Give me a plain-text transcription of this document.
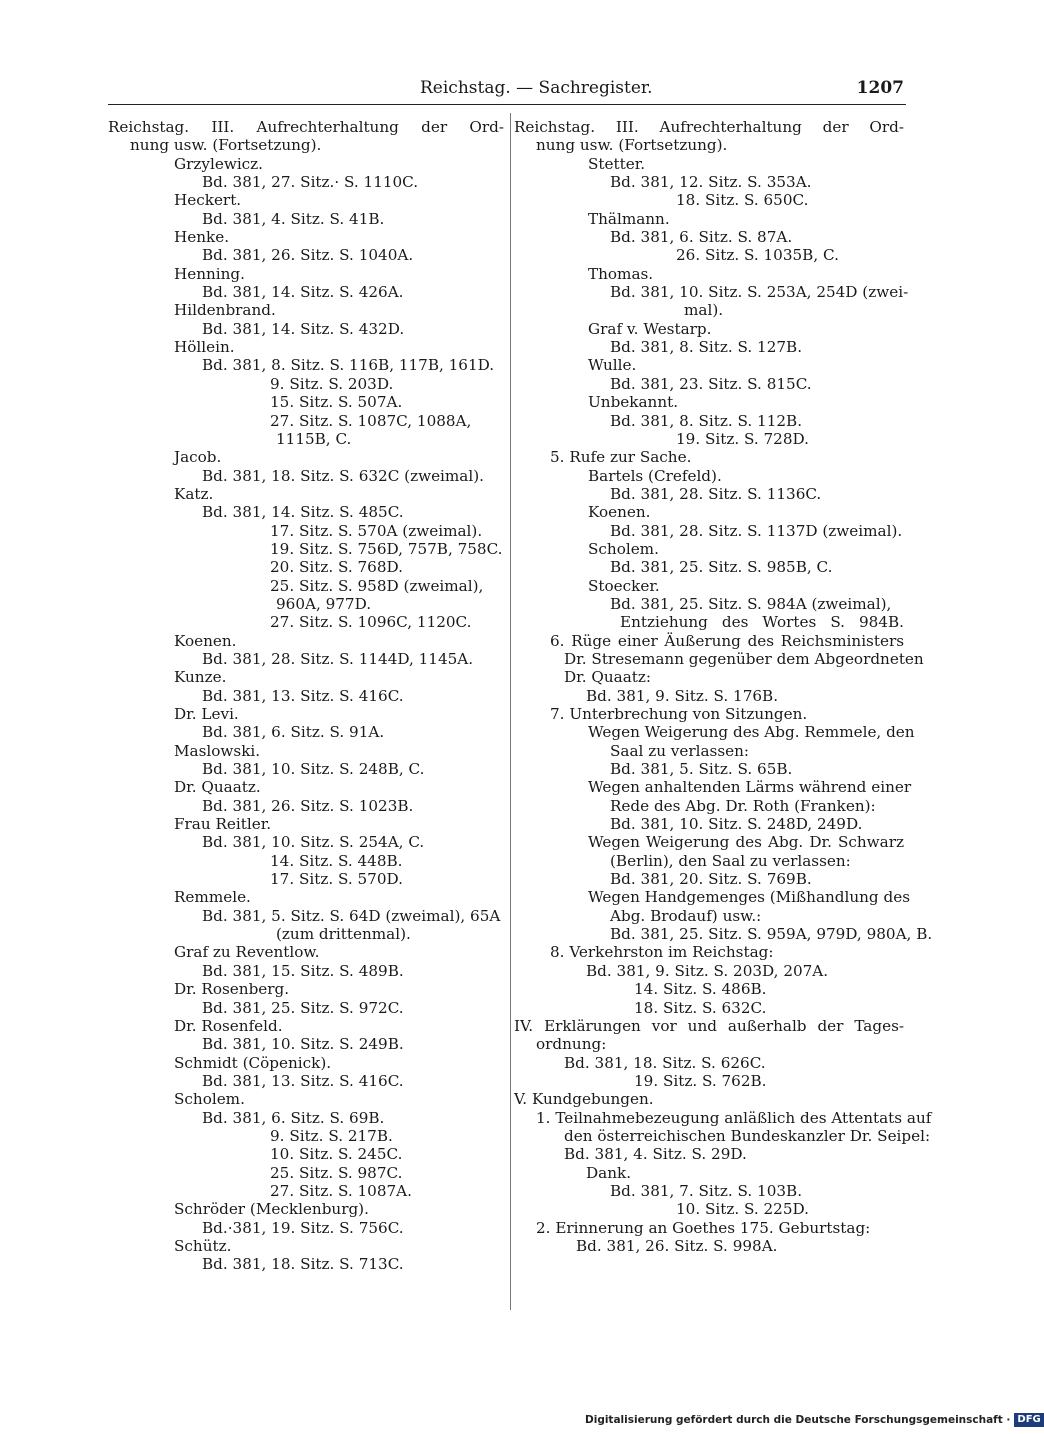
Reichstag. — Sachregister.	1207
Reichstag. III. Aufrechterhaltung der Ord-
nung usw. (Fortsetzung).
Grzylewicz.
Bd. 381, 27. Sitz.· S. 1110C.
Heckert.
Bd. 381, 4. Sitz. S. 41B.
Henke.
Bd. 381, 26. Sitz. S. 1040A.
Henning.
Bd. 381, 14. Sitz. S. 426A.
Hildenbrand.
Bd. 381, 14. Sitz. S. 432D.
Höllein.
Bd. 381, 8. Sitz. S. 116B, 117B, 161D.
9. Sitz. S. 203D.
15. Sitz. S. 507A.
27. Sitz. S. 1087C, 1088A,
1115B, C.
Jacob.
Bd. 381, 18. Sitz. S. 632C (zweimal).
Katz.
Bd. 381, 14. Sitz. S. 485C.
17. Sitz. S. 570A (zweimal).
19. Sitz. S. 756D, 757B, 758C.
20. Sitz. S. 768D.
25. Sitz. S. 958D (zweimal),
960A, 977D.
27. Sitz. S. 1096C, 1120C.
Koenen.
Bd. 381, 28. Sitz. S. 1144D, 1145A.
Kunze.
Bd. 381, 13. Sitz. S. 416C.
Dr. Levi.
Bd. 381, 6. Sitz. S. 91A.
Maslowski.
Bd. 381, 10. Sitz. S. 248B, C.
Dr. Quaatz.
Bd. 381, 26. Sitz. S. 1023B.
Frau Reitler.
Bd. 381, 10. Sitz. S. 254A, C.
14. Sitz. S. 448B.
17. Sitz. S. 570D.
Remmele.
Bd. 381, 5. Sitz. S. 64D (zweimal), 65A
(zum drittenmal).
Graf zu Reventlow.
Bd. 381, 15. Sitz. S. 489B.
Dr. Rosenberg.
Bd. 381, 25. Sitz. S. 972C.
Dr. Rosenfeld.
Bd. 381, 10. Sitz. S. 249B.
Schmidt (Cöpenick).
Bd. 381, 13. Sitz. S. 416C.
Scholem.
Bd. 381, 6. Sitz. S. 69B.
9. Sitz. S. 217B.
10. Sitz. S. 245C.
25. Sitz. S. 987C.
27. Sitz. S. 1087A.
Schröder (Mecklenburg).
Bd.·381, 19. Sitz. S. 756C.
Schütz.
Bd. 381, 18. Sitz. S. 713C.
Reichstag. III. Aufrechterhaltung der Ord-
nung usw. (Fortsetzung).
Stetter.
Bd. 381, 12. Sitz. S. 353A.
18. Sitz. S. 650C.
Thälmann.
Bd. 381, 6. Sitz. S. 87A.
26. Sitz. S. 1035B, C.
Thomas.
Bd. 381, 10. Sitz. S. 253A, 254D (zwei-
mal).
Graf v. Westarp.
Bd. 381, 8. Sitz. S. 127B.
Wulle.
Bd. 381, 23. Sitz. S. 815C.
Unbekannt.
Bd. 381, 8. Sitz. S. 112B.
19. Sitz. S. 728D.
5. Rufe zur Sache.
Bartels (Crefeld).
Bd. 381, 28. Sitz. S. 1136C.
Koenen.
Bd. 381, 28. Sitz. S. 1137D (zweimal).
Scholem.
Bd. 381, 25. Sitz. S. 985B, C.
Stoecker.
Bd. 381, 25. Sitz. S. 984A (zweimal),
Entziehung des Wortes S. 984B.
6. Rüge einer Äußerung des Reichsministers
Dr. Stresemann gegenüber dem Abgeordneten
Dr. Quaatz:
Bd. 381, 9. Sitz. S. 176B.
7. Unterbrechung von Sitzungen.
Wegen Weigerung des Abg. Remmele, den
Saal zu verlassen:
Bd. 381, 5. Sitz. S. 65B.
Wegen anhaltenden Lärms während einer
Rede des Abg. Dr. Roth (Franken):
Bd. 381, 10. Sitz. S. 248D, 249D.
Wegen Weigerung des Abg. Dr. Schwarz
(Berlin), den Saal zu verlassen:
Bd. 381, 20. Sitz. S. 769B.
Wegen Handgemenges (Mißhandlung des
Abg. Brodauf) usw.:
Bd. 381, 25. Sitz. S. 959A, 979D, 980A, B.
8. Verkehrston im Reichstag:
Bd. 381, 9. Sitz. S. 203D, 207A.
14. Sitz. S. 486B.
18. Sitz. S. 632C.
IV. Erklärungen vor und außerhalb der Tages-
ordnung:
Bd. 381, 18. Sitz. S. 626C.
19. Sitz. S. 762B.
V. Kundgebungen.
1. Teilnahmebezeugung anläßlich des Attentats auf
den österreichischen Bundeskanzler Dr. Seipel:
Bd. 381, 4. Sitz. S. 29D.
Dank.
Bd. 381, 7. Sitz. S. 103B.
10. Sitz. S. 225D.
2. Erinnerung an Goethes 175. Geburtstag:
Bd. 381, 26. Sitz. S. 998A.
Digitalisierung gefördert durch die Deutsche Forschungsgemeinschaft · DFG
